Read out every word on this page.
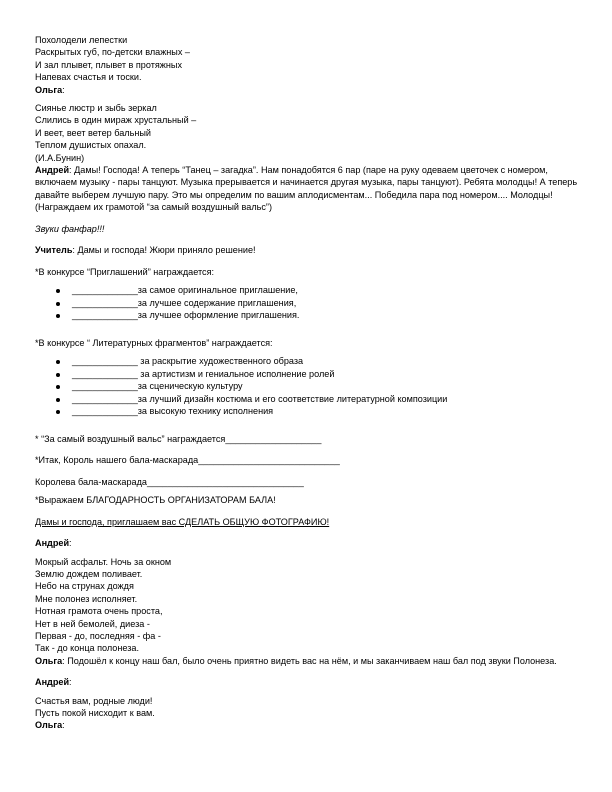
Похолодели лепестки
Раскрытых губ, по-детски влажных –
И зал плывет, плывет в протяжных
Напевах счастья и тоски.
Ольга:
Сиянье люстр и зыбь зеркал
Слились в один мираж хрустальный –
И веет, веет ветер бальный
Теплом душистых опахал.
(И.А.Бунин)
Андрей: Дамы! Господа! А теперь “Танец – загадка”. Нам понадобятся 6 пар (паре на руку одеваем цветочек с номером, включаем музыку - пары танцуют. Музыка прерывается и начинается другая музыка, пары танцуют). Ребята молодцы! А теперь давайте выберем лучшую пару. Это мы определим по вашим аплодисментам... Победила пара под номером.... Молодцы! (Награждаем их грамотой “за самый воздушный вальс”)
Звуки фанфар!!!
Учитель: Дамы и господа! Жюри приняло решение!
*В конкурсе “Приглашений” награждается:
_____________за самое оригинальное приглашение,
_____________за лучшее содержание приглашения,
_____________за лучшее оформление приглашения.
*В конкурсе “ Литературных фрагментов” награждается:
_____________ за раскрытие художественного образа
_____________ за артистизм и гениальное исполнение ролей
_____________за сценическую культуру
_____________за лучший дизайн костюма и его соответствие литературной композиции
_____________за высокую технику исполнения
* “За самый воздушный вальс” награждается___________________
*Итак, Король нашего бала-маскарада____________________________
Королева бала-маскарада_______________________________
*Выражаем БЛАГОДАРНОСТЬ ОРГАНИЗАТОРАМ БАЛА!
Дамы и господа, приглашаем вас СДЕЛАТЬ ОБЩУЮ ФОТОГРАФИЮ!
Андрей:
Мокрый асфальт. Ночь за окном
Землю дождем поливает.
Небо на струнах дождя
Мне полонез исполняет.
Нотная грамота очень проста,
Нет в ней бемолей, диеза -
Первая - до, последняя - фа -
Так - до конца полонеза.
Ольга: Подошёл к концу наш бал, было очень приятно видеть вас на нём, и мы заканчиваем наш бал под звуки Полонеза.
Андрей:
Счастья вам, родные люди!
Пусть покой нисходит к вам.
Ольга:
